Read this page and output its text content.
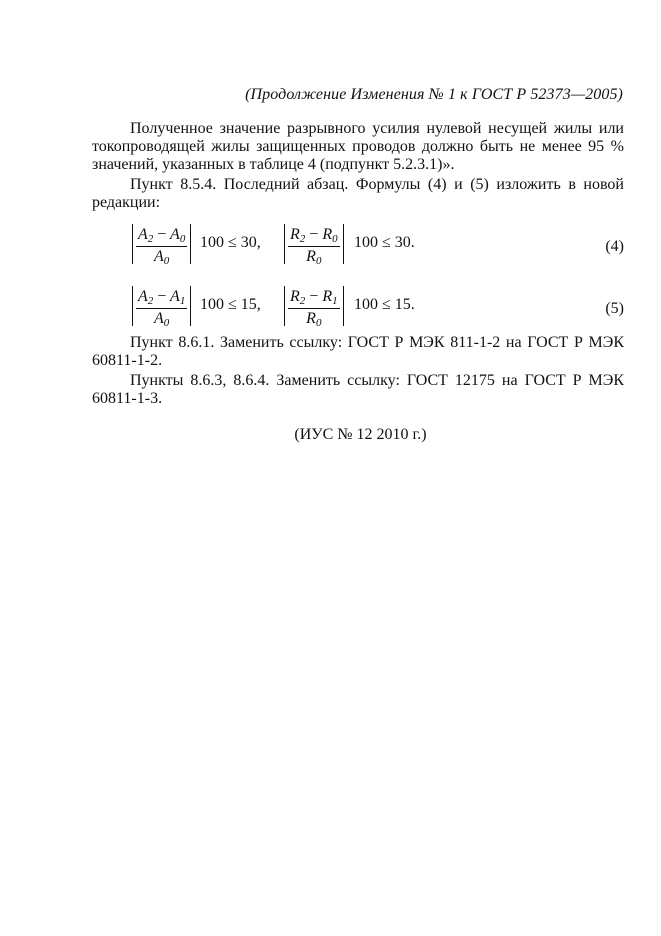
(Продолжение Изменения № 1 к ГОСТ Р 52373—2005)

Полученное значение разрывного усилия нулевой несущей жилы или токопроводящей жилы защищенных проводов должно быть не менее 95 % значений, указанных в таблице 4 (подпункт 5.2.3.1)».

Пункт 8.5.4. Последний абзац. Формулы (4) и (5) изложить в новой редакции:

$A_2 - A_0$
$A_0$
100 ≤ 30, $R_2 - R_0$
$R_0$
100 ≤ 30.	(4)
$A_2 - A_1$
$A_0$
100 ≤ 15, $R_2 - R_1$
$R_0$
100 ≤ 15.	(5)

Пункт 8.6.1. Заменить ссылку: ГОСТ Р МЭК 811-1-2 на ГОСТ Р МЭК 60811-1-2.

Пункты 8.6.3, 8.6.4. Заменить ссылку: ГОСТ 12175 на ГОСТ Р МЭК 60811-1-3.

(ИУС № 12 2010 г.)
